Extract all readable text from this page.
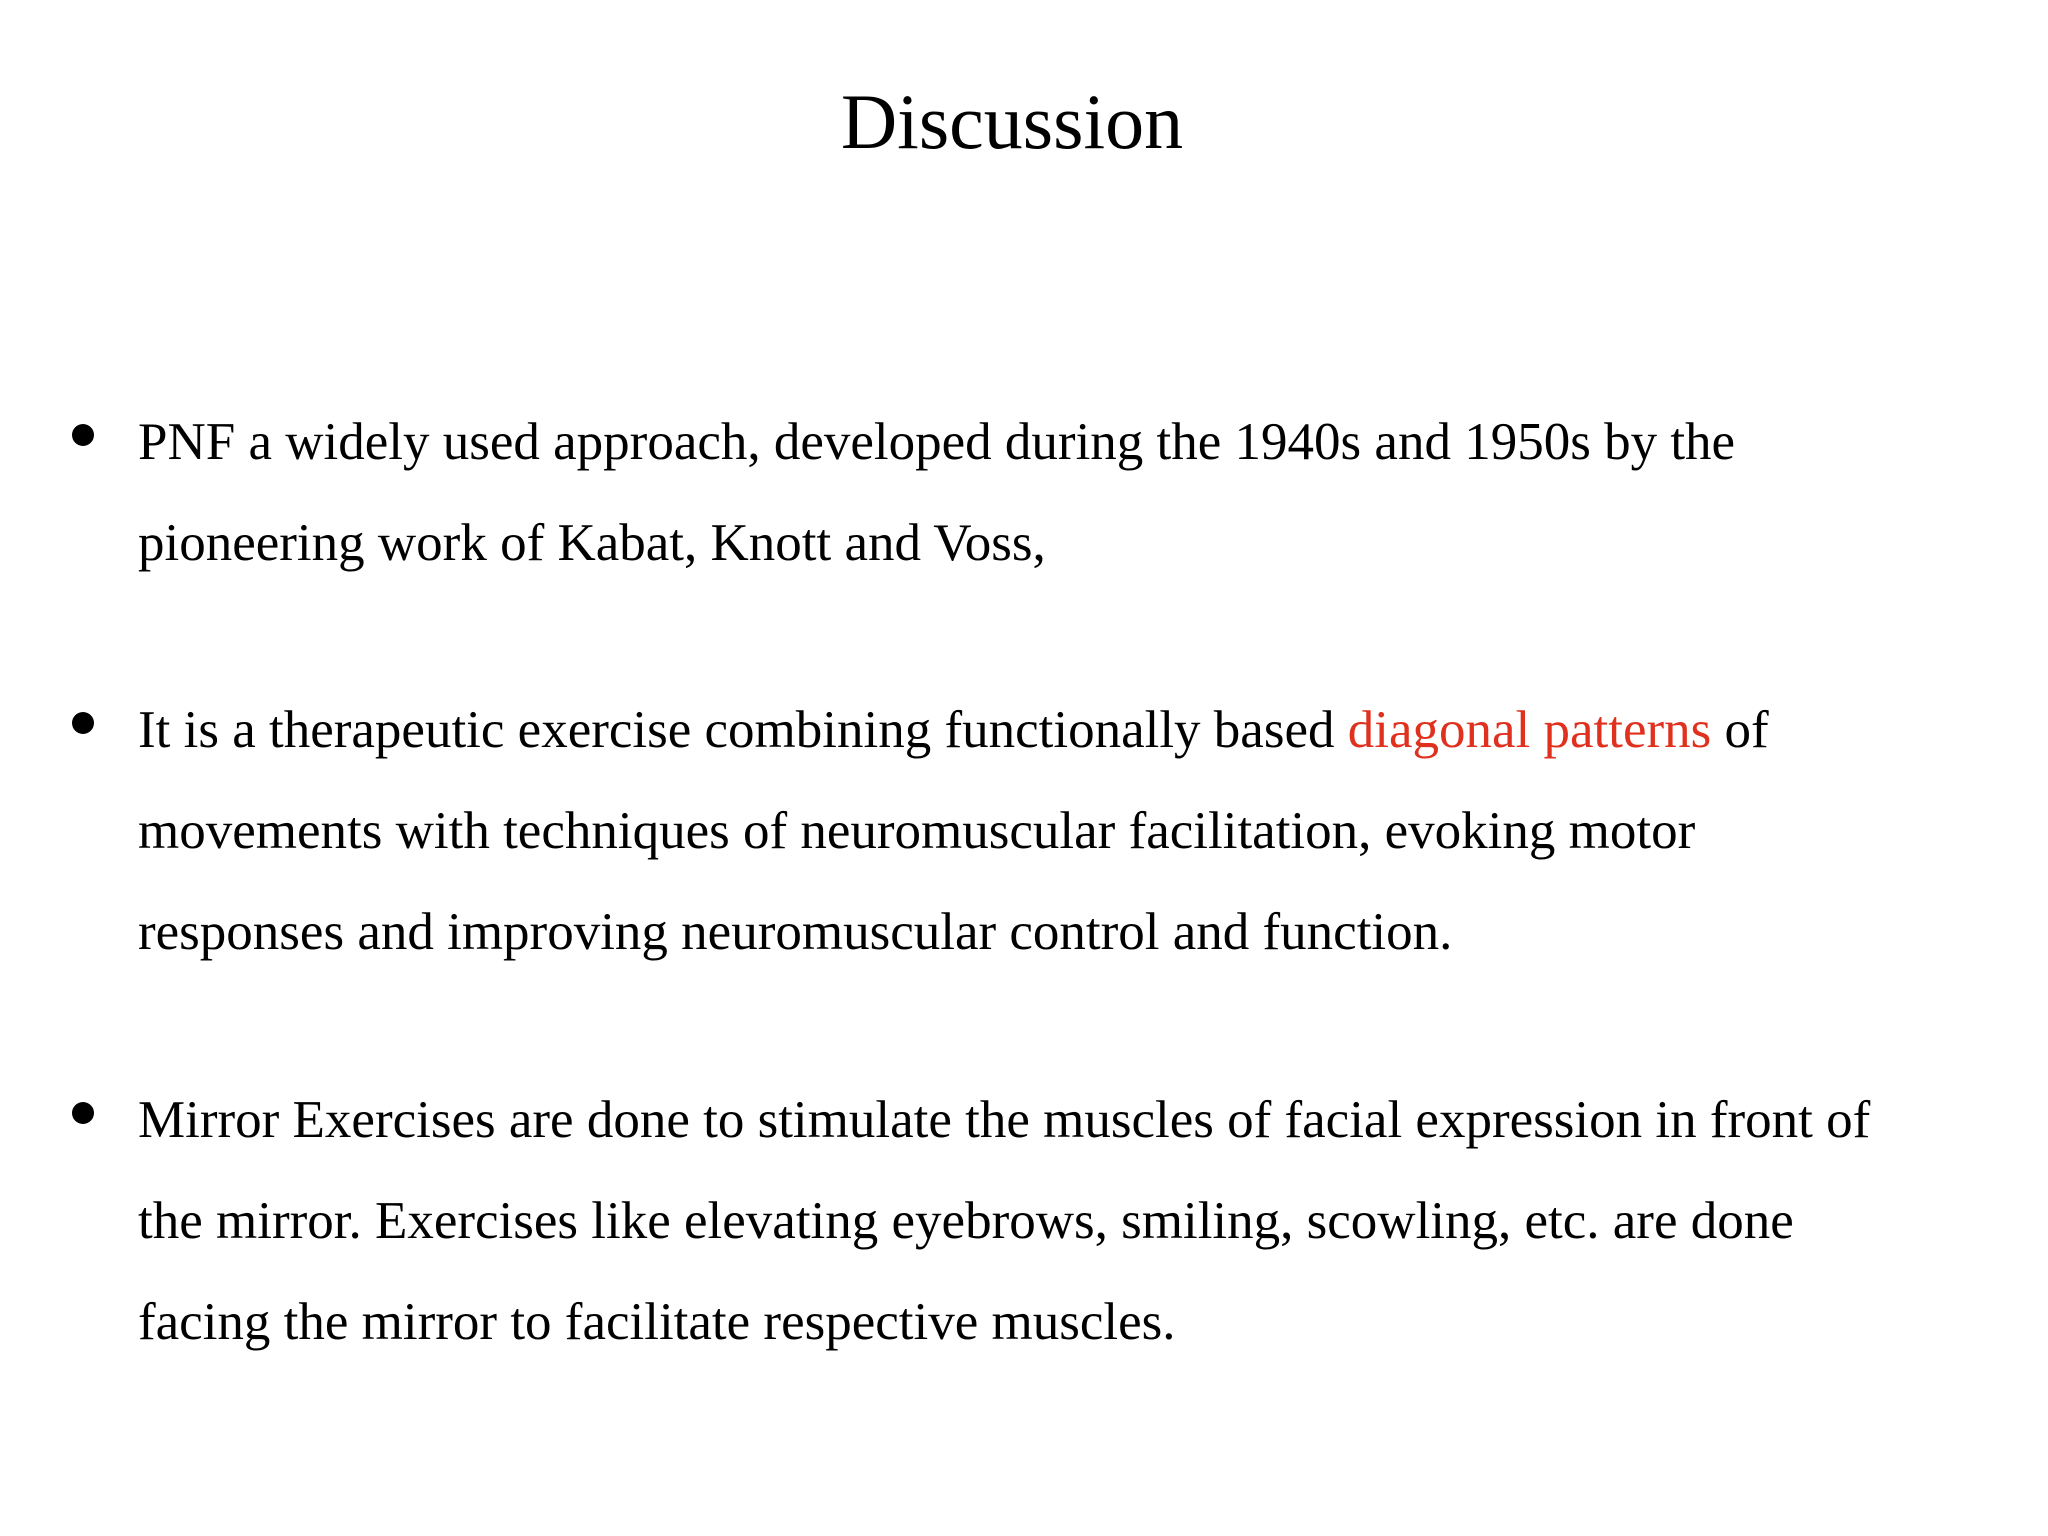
Discussion
PNF a widely used approach, developed during the 1940s and 1950s by the
pioneering work of Kabat, Knott and Voss,
It is a therapeutic exercise combining functionally based diagonal patterns of
movements with techniques of neuromuscular facilitation, evoking motor
responses and improving neuromuscular control and function.
Mirror Exercises are done to stimulate the muscles of facial expression in front of
the mirror. Exercises like elevating eyebrows, smiling, scowling, etc. are done
facing the mirror to facilitate respective muscles.
